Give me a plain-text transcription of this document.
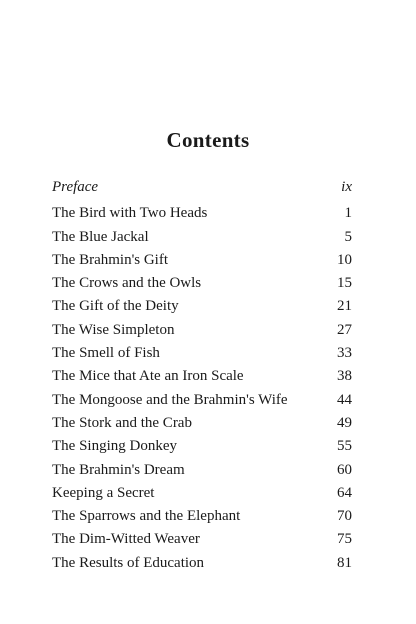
Contents
Preface	ix
The Bird with Two Heads	1
The Blue Jackal	5
The Brahmin's Gift	10
The Crows and the Owls	15
The Gift of the Deity	21
The Wise Simpleton	27
The Smell of Fish	33
The Mice that Ate an Iron Scale	38
The Mongoose and the Brahmin's Wife	44
The Stork and the Crab	49
The Singing Donkey	55
The Brahmin's Dream	60
Keeping a Secret	64
The Sparrows and the Elephant	70
The Dim-Witted Weaver	75
The Results of Education	81
